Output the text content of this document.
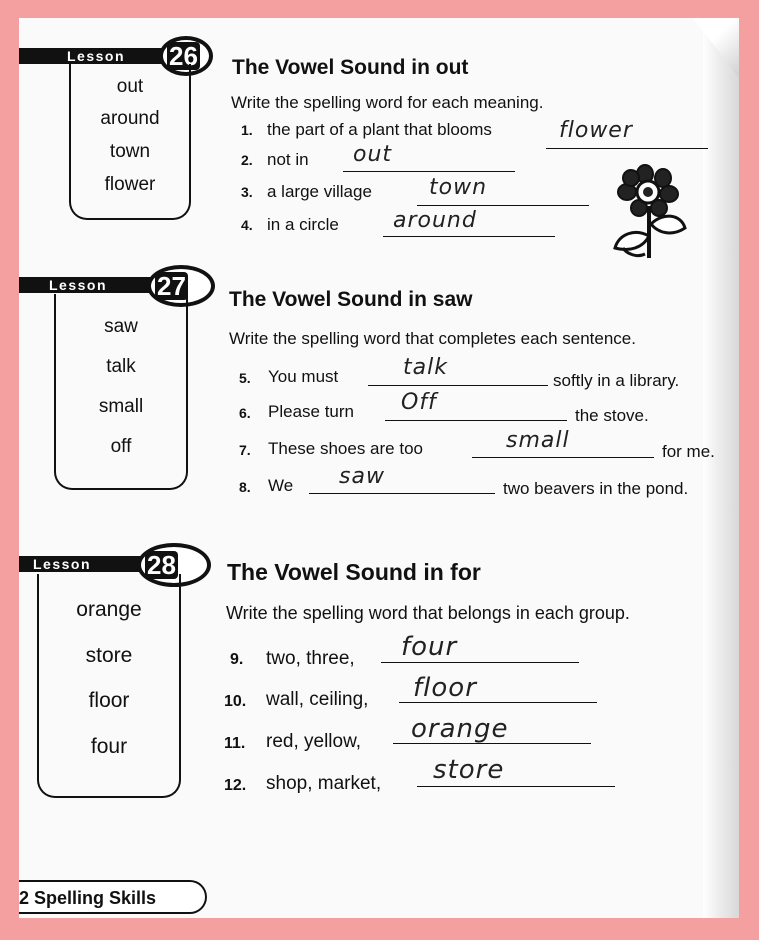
Lesson 26
out
around
town
flower
The Vowel Sound in out
Write the spelling word for each meaning.
1. the part of a plant that blooms	flower
2. not in out
3. a large village	town
4. in a circle around
Lesson 27
saw
talk
small
off
The Vowel Sound in saw
Write the spelling word that completes each sentence.
5. You must	talk
softly in a library.
6. Please turn Off
the stove.
7. These shoes are too	small	for me.
8. We saw	two beavers in the pond.
Lesson 28
orange
store
floor
four
The Vowel Sound in for
Write the spelling word that belongs in each group.
9. two, three, four
10. wall, ceiling, floor
11. red, yellow, orange
12. shop, market, store
2 Spelling Skills
